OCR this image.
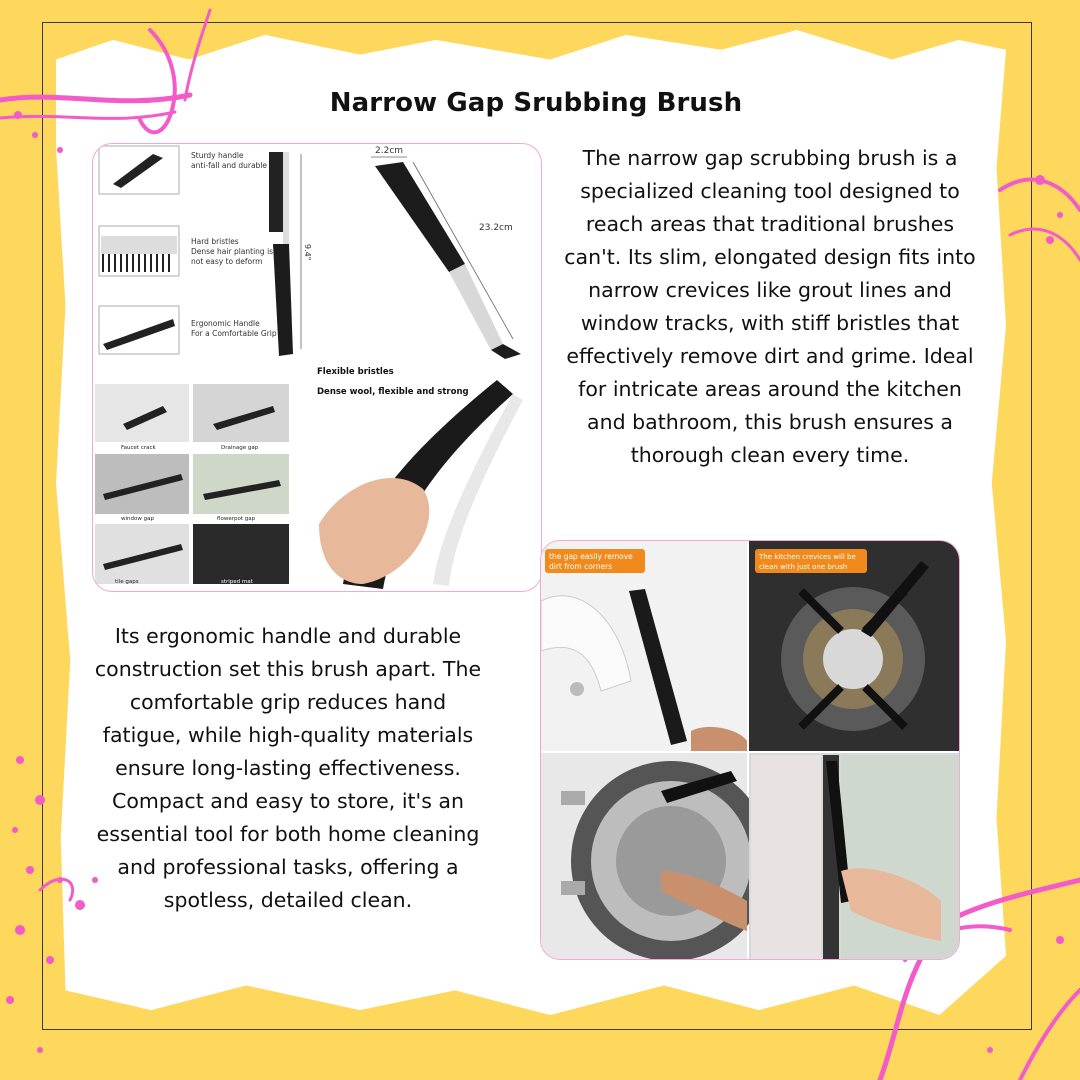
Narrow Gap Srubbing Brush

The narrow gap scrubbing brush is a specialized cleaning tool designed to reach areas that traditional brushes can't. Its slim, elongated design fits into narrow crevices like grout lines and window tracks, with stiff bristles that effectively remove dirt and grime. Ideal for intricate areas around the kitchen and bathroom, this brush ensures a thorough clean every time.

Sturdy handle
anti-fall and durable
Hard bristles
Dense hair planting is
not easy to deform
Ergonomic Handle
For a Comfortable Grip
9.4"
2.2cm
23.2cm
Faucet crack	Drainage gap
window gap	flowerpot gap
tile gaps	striped mat
Flexible bristles
Dense wool, flexible and strong

Its ergonomic handle and durable construction set this brush apart. The comfortable grip reduces hand fatigue, while high-quality materials ensure long-lasting effectiveness. Compact and easy to store, it's an essential tool for both home cleaning and professional tasks, offering a spotless, detailed clean.

the gap easily remove
dirt from corners
The kitchen crevices will be
clean with just one brush
